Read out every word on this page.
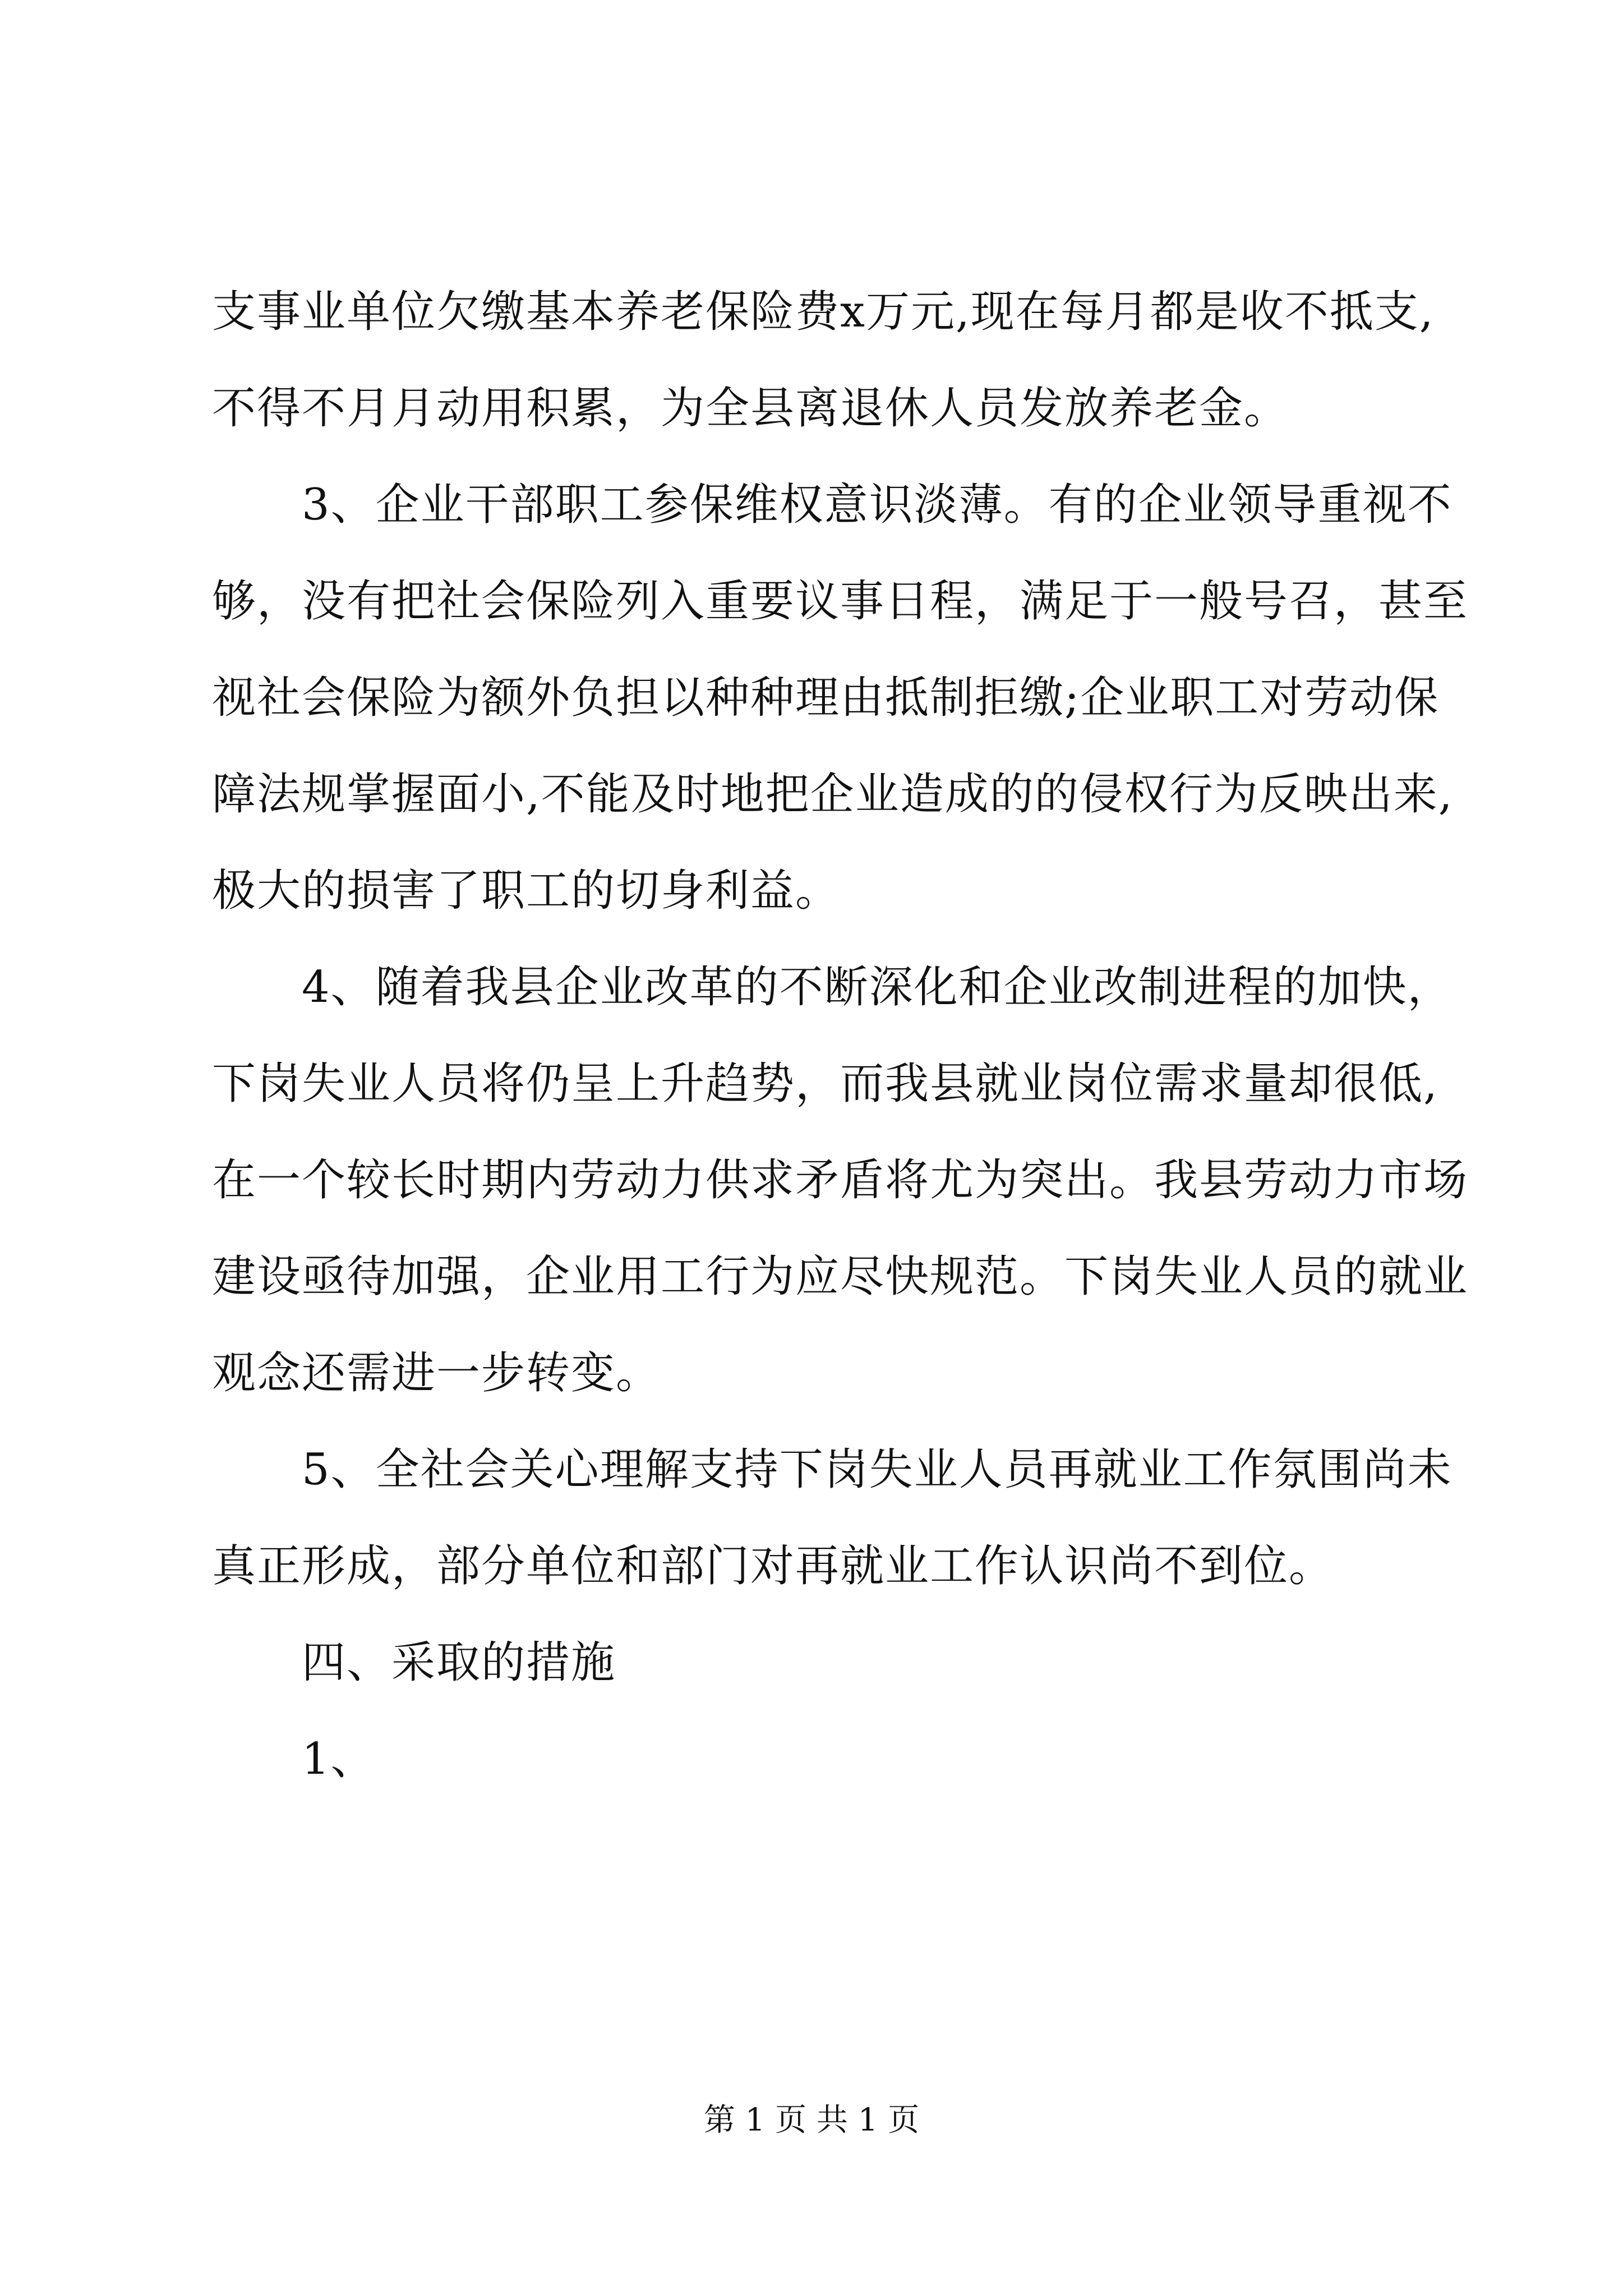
支事业单位欠缴基本养老保险费x万元,现在每月都是收不抵支,
不得不月月动用积累，为全县离退休人员发放养老金。
3、企业干部职工参保维权意识淡薄。有的企业领导重视不
够，没有把社会保险列入重要议事日程，满足于一般号召，甚至
视社会保险为额外负担以种种理由抵制拒缴;企业职工对劳动保
障法规掌握面小,不能及时地把企业造成的的侵权行为反映出来,
极大的损害了职工的切身利益。
4、随着我县企业改革的不断深化和企业改制进程的加快，
下岗失业人员将仍呈上升趋势，而我县就业岗位需求量却很低,
在一个较长时期内劳动力供求矛盾将尤为突出。我县劳动力市场
建设亟待加强，企业用工行为应尽快规范。下岗失业人员的就业
观念还需进一步转变。
5、全社会关心理解支持下岗失业人员再就业工作氛围尚未
真正形成，部分单位和部门对再就业工作认识尚不到位。
四、采取的措施
1、
第 1 页 共 1 页
